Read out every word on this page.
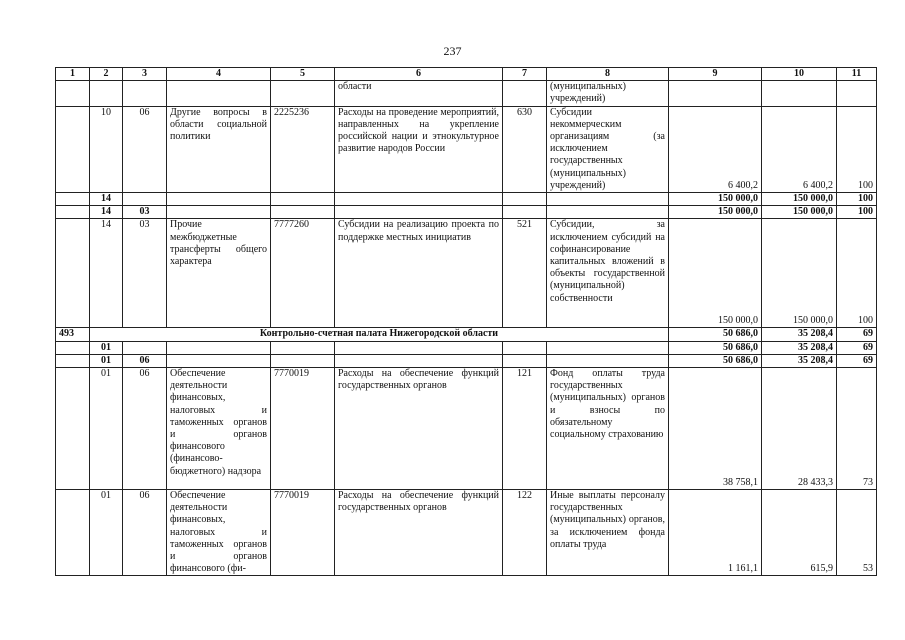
237
1	2	3	4	5	6	7	8	9	10	11
					области		(муниципальных) учреждений)			
	10	06	Другие вопросы в области социальной политики	2225236	Расходы на проведение мероприятий, направленных на укрепление российской нации и этнокультурное развитие народов России	630	Субсидии некоммерческим организациям (за исключением государственных (муниципальных) учреждений)	6 400,2	6 400,2	100
	14							150 000,0	150 000,0	100
	14	03						150 000,0	150 000,0	100
	14	03	Прочие межбюджетные трансферты общего характера	7777260	Субсидии на реализацию проекта по поддержке местных инициатив	521	Субсидии, за исключением субсидий на софинансирование капитальных вложений в объекты государственной (муниципальной) собственности	150 000,0	150 000,0	100
493	Контрольно-счетная палата Нижегородской области							50 686,0	35 208,4	69
	01							50 686,0	35 208,4	69
	01	06						50 686,0	35 208,4	69
	01	06	Обеспечение деятельности финансовых, налоговых и таможенных органов и органов финансового (финансово-бюджетного) надзора	7770019	Расходы на обеспечение функций государственных органов	121	Фонд оплаты труда государственных (муниципальных) органов и взносы по обязательному социальному страхованию	38 758,1	28 433,3	73
	01	06	Обеспечение деятельности финансовых, налоговых и таможенных органов и органов финансового (фи-	7770019	Расходы на обеспечение функций государственных органов	122	Иные выплаты персоналу государственных (муниципальных) органов, за исключением фонда оплаты труда	1 161,1	615,9	53
